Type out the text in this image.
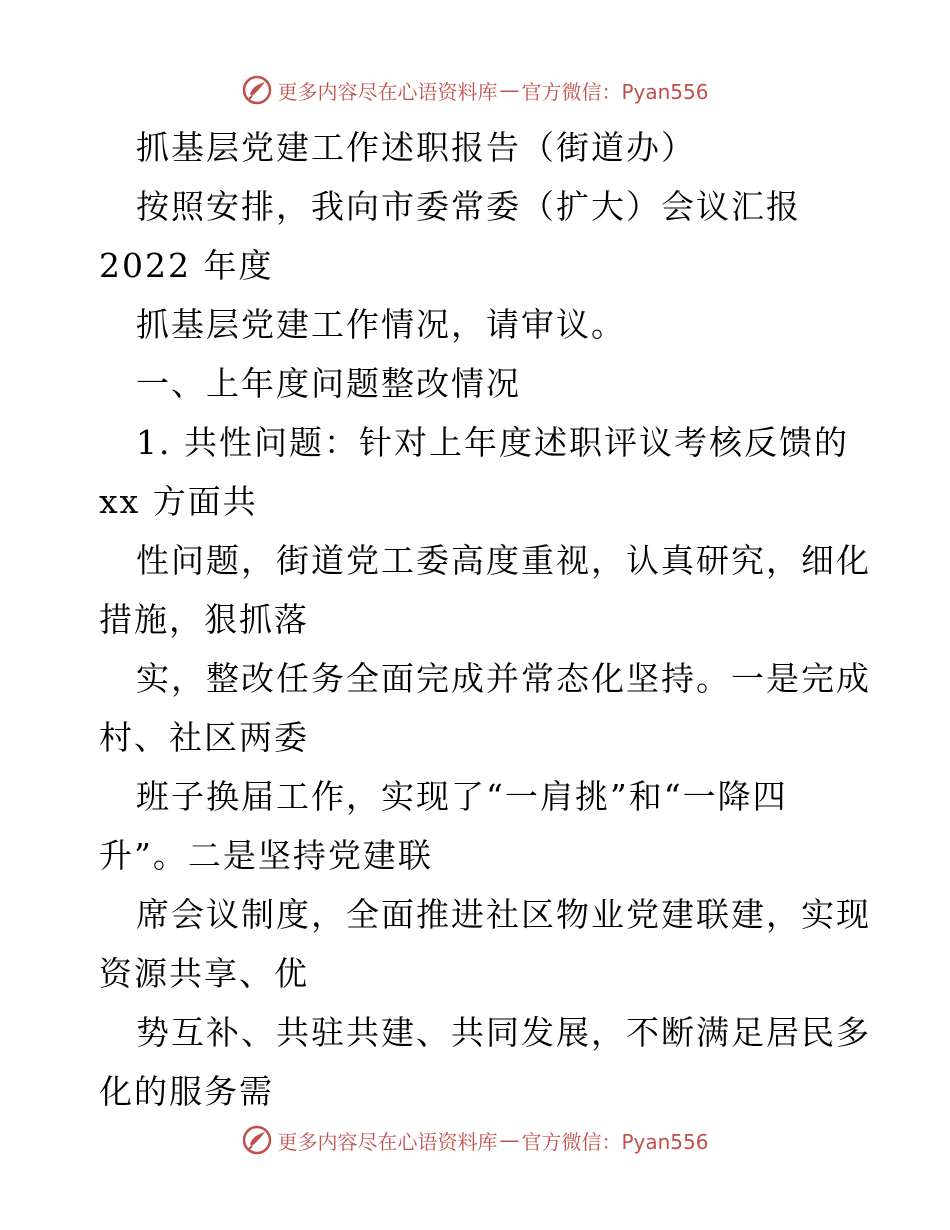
更多内容尽在心语资料库 — 官方微信：Pyan556
抓基层党建工作述职报告（街道办）
按照安排，我向市委常委（扩大）会议汇报
2022 年度
抓基层党建工作情况，请审议。
一、上年度问题整改情况
1. 共性问题：针对上年度述职评议考核反馈的
xx 方面共
性问题，街道党工委高度重视，认真研究，细化
措施，狠抓落
实，整改任务全面完成并常态化坚持。一是完成
村、社区两委
班子换届工作，实现了“一肩挑”和“一降四
升”。二是坚持党建联
席会议制度，全面推进社区物业党建联建，实现
资源共享、优
势互补、共驻共建、共同发展，不断满足居民多
化的服务需
更多内容尽在心语资料库 — 官方微信：Pyan556
